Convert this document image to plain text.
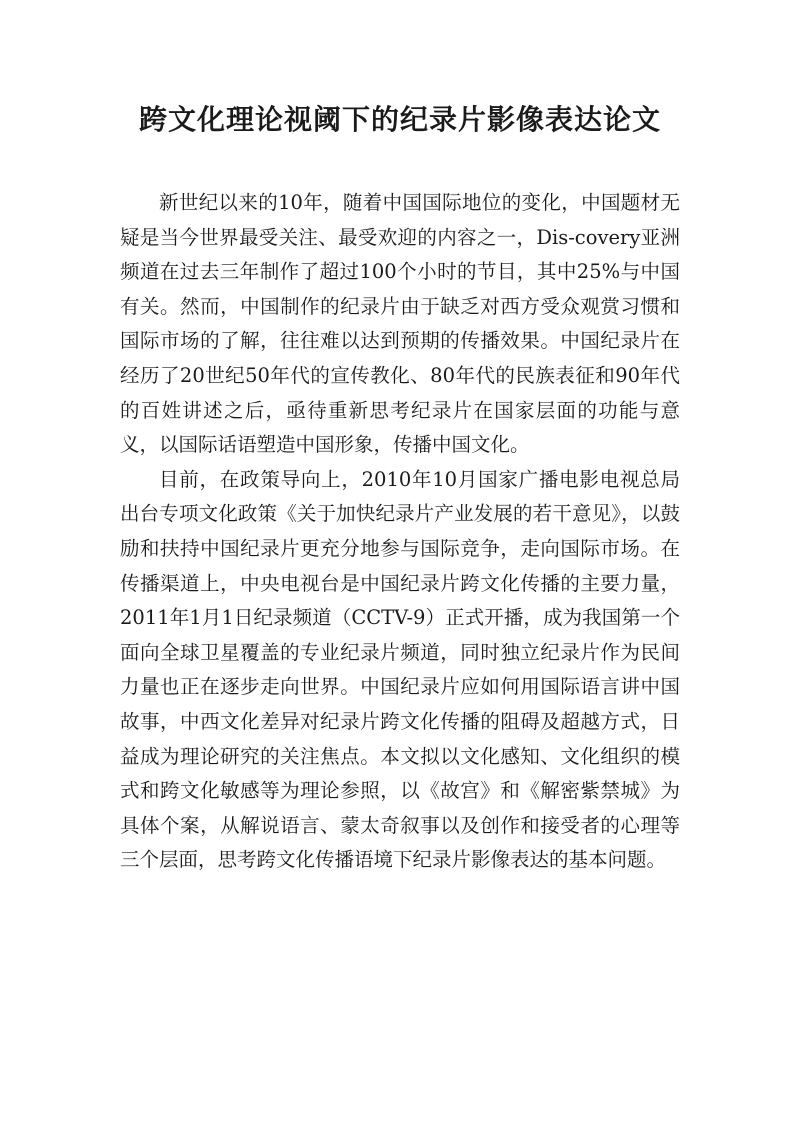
跨文化理论视阈下的纪录片影像表达论文

新世纪以来的10年，随着中国国际地位的变化，中国题材无疑是当今世界最受关注、最受欢迎的内容之一，Dis-covery亚洲频道在过去三年制作了超过100个小时的节目，其中25%与中国有关。然而，中国制作的纪录片由于缺乏对西方受众观赏习惯和国际市场的了解，往往难以达到预期的传播效果。中国纪录片在经历了20世纪50年代的宣传教化、80年代的民族表征和90年代的百姓讲述之后，亟待重新思考纪录片在国家层面的功能与意义，以国际话语塑造中国形象，传播中国文化。

目前，在政策导向上，2010年10月国家广播电影电视总局出台专项文化政策《关于加快纪录片产业发展的若干意见》，以鼓励和扶持中国纪录片更充分地参与国际竞争，走向国际市场。在传播渠道上，中央电视台是中国纪录片跨文化传播的主要力量，2011年1月1日纪录频道（CCTV-9）正式开播，成为我国第一个面向全球卫星覆盖的专业纪录片频道，同时独立纪录片作为民间力量也正在逐步走向世界。中国纪录片应如何用国际语言讲中国故事，中西文化差异对纪录片跨文化传播的阻碍及超越方式，日益成为理论研究的关注焦点。本文拟以文化感知、文化组织的模式和跨文化敏感等为理论参照，以《故宫》和《解密紫禁城》为具体个案，从解说语言、蒙太奇叙事以及创作和接受者的心理等三个层面，思考跨文化传播语境下纪录片影像表达的基本问题。
